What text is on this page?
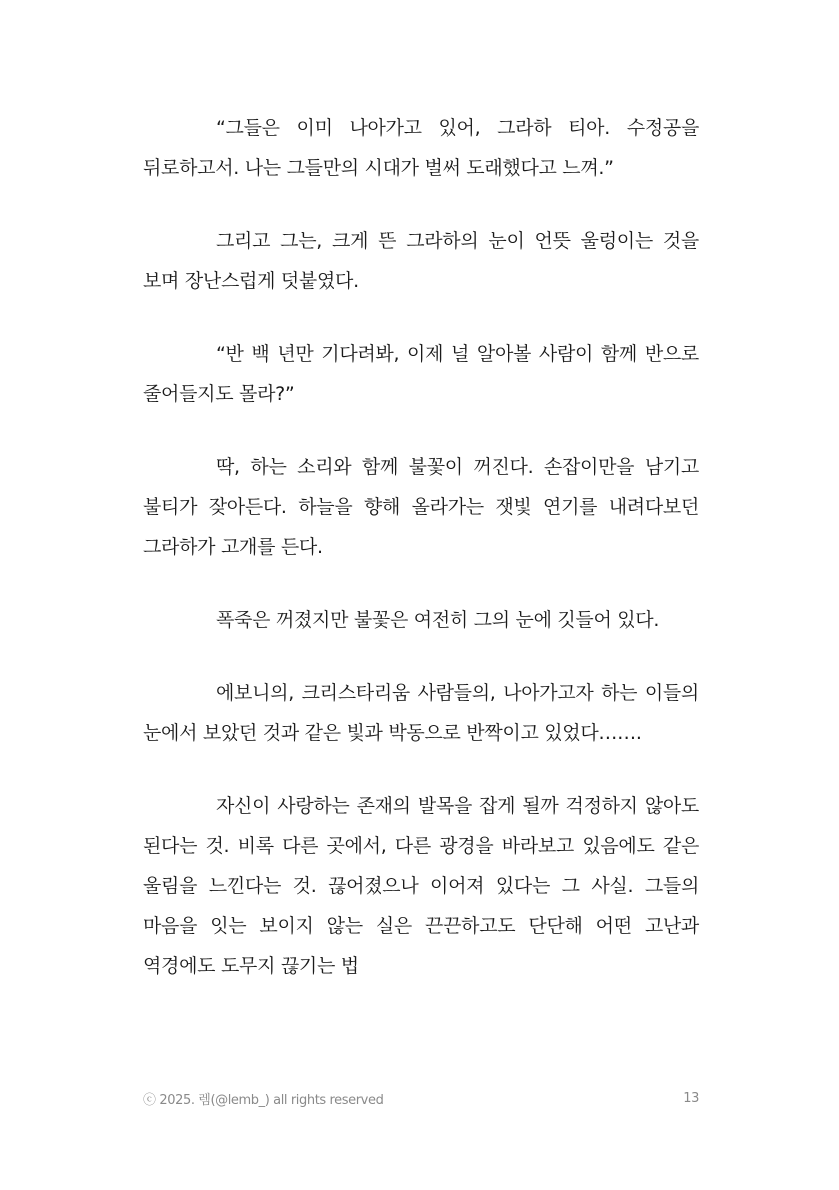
“그들은 이미 나아가고 있어, 그라하 티아. 수정공을 뒤로하고서. 나는 그들만의 시대가 벌써 도래했다고 느껴.”

그리고 그는, 크게 뜬 그라하의 눈이 언뜻 울렁이는 것을 보며 장난스럽게 덧붙였다.

“반 백 년만 기다려봐, 이제 널 알아볼 사람이 함께 반으로 줄어들지도 몰라?”

딱, 하는 소리와 함께 불꽃이 꺼진다. 손잡이만을 남기고 불티가 잦아든다. 하늘을 향해 올라가는 잿빛 연기를 내려다보던 그라하가 고개를 든다.

폭죽은 꺼졌지만 불꽃은 여전히 그의 눈에 깃들어 있다.

에보니의, 크리스타리움 사람들의, 나아가고자 하는 이들의 눈에서 보았던 것과 같은 빛과 박동으로 반짝이고 있었다…….

자신이 사랑하는 존재의 발목을 잡게 될까 걱정하지 않아도 된다는 것. 비록 다른 곳에서, 다른 광경을 바라보고 있음에도 같은 울림을 느낀다는 것. 끊어졌으나 이어져 있다는 그 사실. 그들의 마음을 잇는 보이지 않는 실은 끈끈하고도 단단해 어떤 고난과 역경에도 도무지 끊기는 법

ⓒ 2025. 렘(@lemb_) all rights reserved	13
